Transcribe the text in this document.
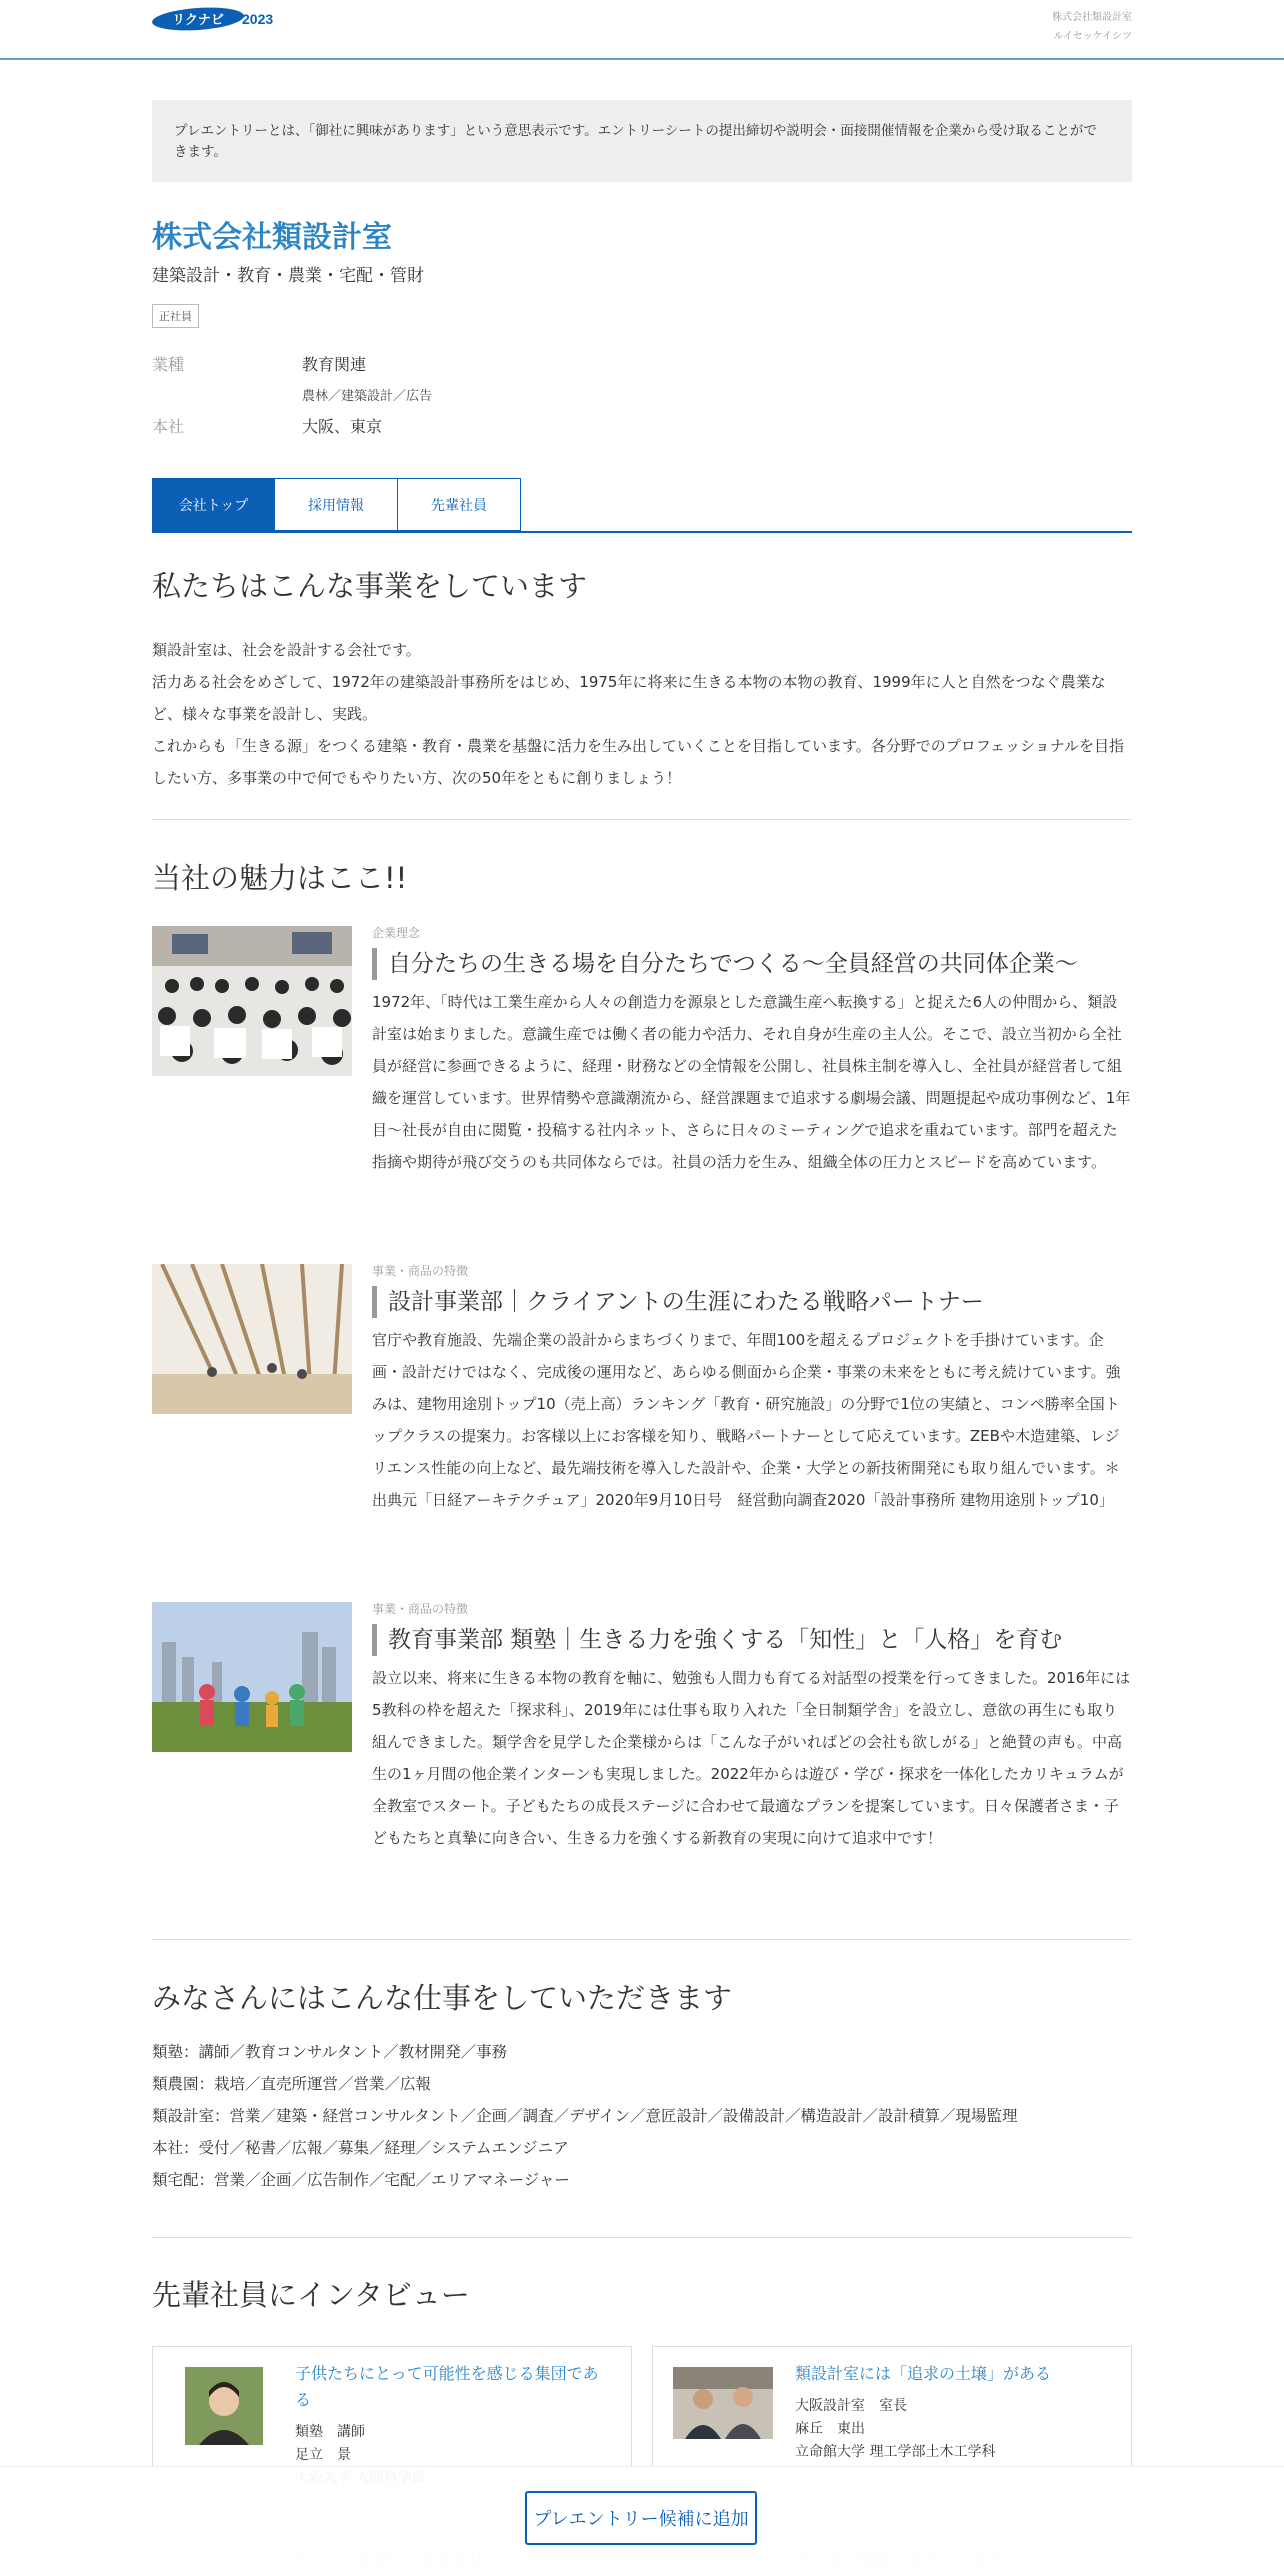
リクナビ 2023	株式会社類設計室
ルイセッケイシツ

プレエントリーとは、「御社に興味があります」という意思表示です。エントリーシートの提出締切や説明会・面接開催情報を企業から受け取ることができます。

株式会社類設計室
建築設計・教育・農業・宅配・管財
正社員
業種	教育関連
農林／建築設計／広告
本社	大阪、東京
会社トップ	採用情報	先輩社員
私たちはこんな事業をしています

類設計室は、社会を設計する会社です。

活力ある社会をめざして、1972年の建築設計事務所をはじめ、1975年に将来に生きる本物の本物の教育、1999年に人と自然をつなぐ農業など、様々な事業を設計し、実践。

これからも「生きる源」をつくる建築・教育・農業を基盤に活力を生み出していくことを目指しています。各分野でのプロフェッショナルを目指したい方、多事業の中で何でもやりたい方、次の50年をともに創りましょう！

当社の魅力はここ!!
企業理念
自分たちの生きる場を自分たちでつくる～全員経営の共同体企業～

1972年、「時代は工業生産から人々の創造力を源泉とした意識生産へ転換する」と捉えた6人の仲間から、類設計室は始まりました。意識生産では働く者の能力や活力、それ自身が生産の主人公。そこで、設立当初から全社員が経営に参画できるように、経理・財務などの全情報を公開し、社員株主制を導入し、全社員が経営者して組織を運営しています。世界情勢や意識潮流から、経営課題まで追求する劇場会議、問題提起や成功事例など、1年目～社長が自由に閲覧・投稿する社内ネット、さらに日々のミーティングで追求を重ねています。部門を超えた指摘や期待が飛び交うのも共同体ならでは。社員の活力を生み、組織全体の圧力とスピードを高めています。

事業・商品の特徴
設計事業部｜クライアントの生涯にわたる戦略パートナー

官庁や教育施設、先端企業の設計からまちづくりまで、年間100を超えるプロジェクトを手掛けています。企画・設計だけではなく、完成後の運用など、あらゆる側面から企業・事業の未来をともに考え続けています。強みは、建物用途別トップ10（売上高）ランキング「教育・研究施設」の分野で1位の実績と、コンペ勝率全国トップクラスの提案力。お客様以上にお客様を知り、戦略パートナーとして応えています。ZEBや木造建築、レジリエンス性能の向上など、最先端技術を導入した設計や、企業・大学との新技術開発にも取り組んでいます。＊出典元「日経アーキテクチュア」2020年9月10日号　経営動向調査2020「設計事務所 建物用途別トップ10」

事業・商品の特徴
教育事業部 類塾｜生きる力を強くする「知性」と「人格」を育む

設立以来、将来に生きる本物の教育を軸に、勉強も人間力も育てる対話型の授業を行ってきました。2016年には5教科の枠を超えた「探求科」、2019年には仕事も取り入れた「全日制類学舎」を設立し、意欲の再生にも取り組んできました。類学舎を見学した企業様からは「こんな子がいればどの会社も欲しがる」と絶賛の声も。中高生の1ヶ月間の他企業インターンも実現しました。2022年からは遊び・学び・探求を一体化したカリキュラムが全教室でスタート。子どもたちの成長ステージに合わせて最適なプランを提案しています。日々保護者さま・子どもたちと真摯に向き合い、生きる力を強くする新教育の実現に向けて追求中です！

みなさんにはこんな仕事をしていただきます

類塾：講師／教育コンサルタント／教材開発／事務

類農園：栽培／直売所運営／営業／広報

類設計室：営業／建築・経営コンサルタント／企画／調査／デザイン／意匠設計／設備設計／構造設計／設計積算／現場監理

本社：受付／秘書／広報／募集／経理／システムエンジニア

類宅配：営業／企画／広告制作／宅配／エリアマネージャー

先輩社員にインタビュー
子供たちにとって可能性を感じる集団である
類塾　講師
足立　景
類設計室には「追求の土壌」がある
大阪設計室　室長
麻丘　東出
立命館大学 理工学部土木工学科
プレエントリー候補に追加
